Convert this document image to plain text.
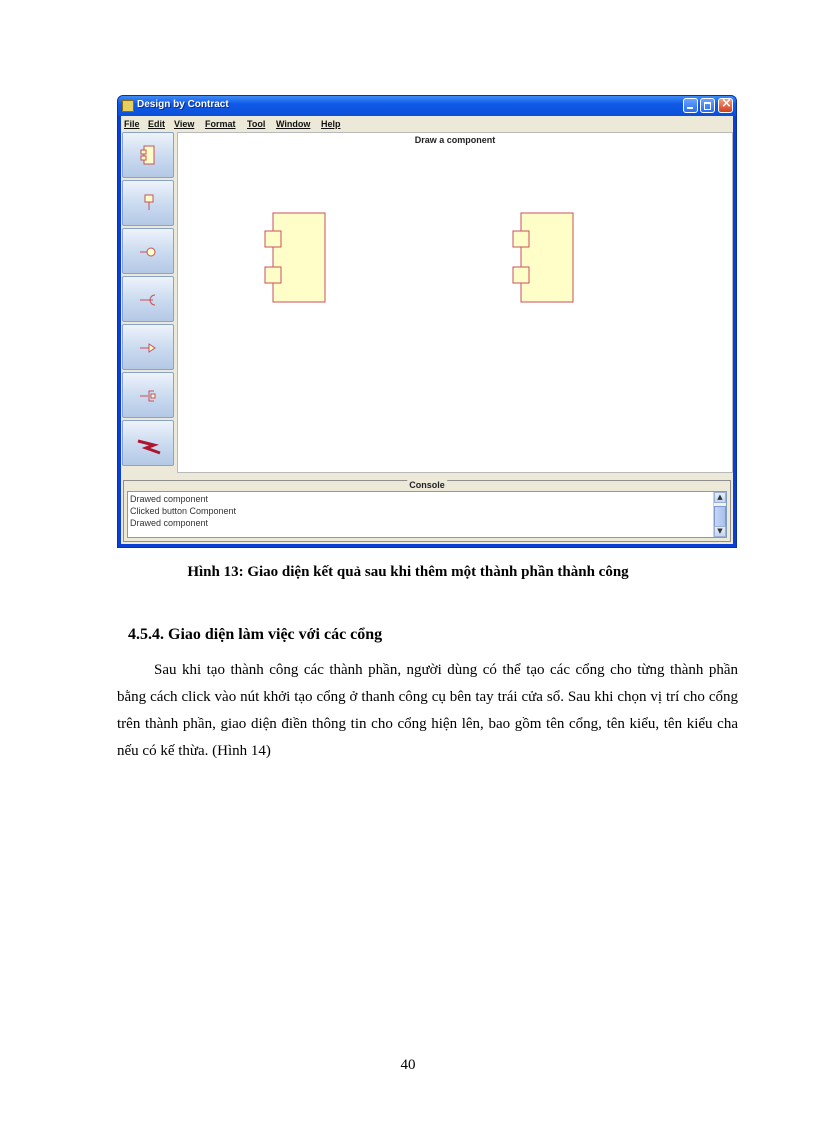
Design by Contract
×
File Edit View Format Tool Window Help
Draw a component
Console
Drawed component
Clicked button Component
Drawed component
▲
▼
Hình 13: Giao diện kết quả sau khi thêm một thành phần thành công
4.5.4. Giao diện làm việc với các cổng
Sau khi tạo thành công các thành phần, người dùng có thể tạo các cổng cho từng thành phần bằng cách click vào nút khởi tạo cổng ở thanh công cụ bên tay trái cửa sổ. Sau khi chọn vị trí cho cổng trên thành phần, giao diện điền thông tin cho cổng hiện lên, bao gồm tên cổng, tên kiểu, tên kiểu cha nếu có kế thừa. (Hình 14)
40
